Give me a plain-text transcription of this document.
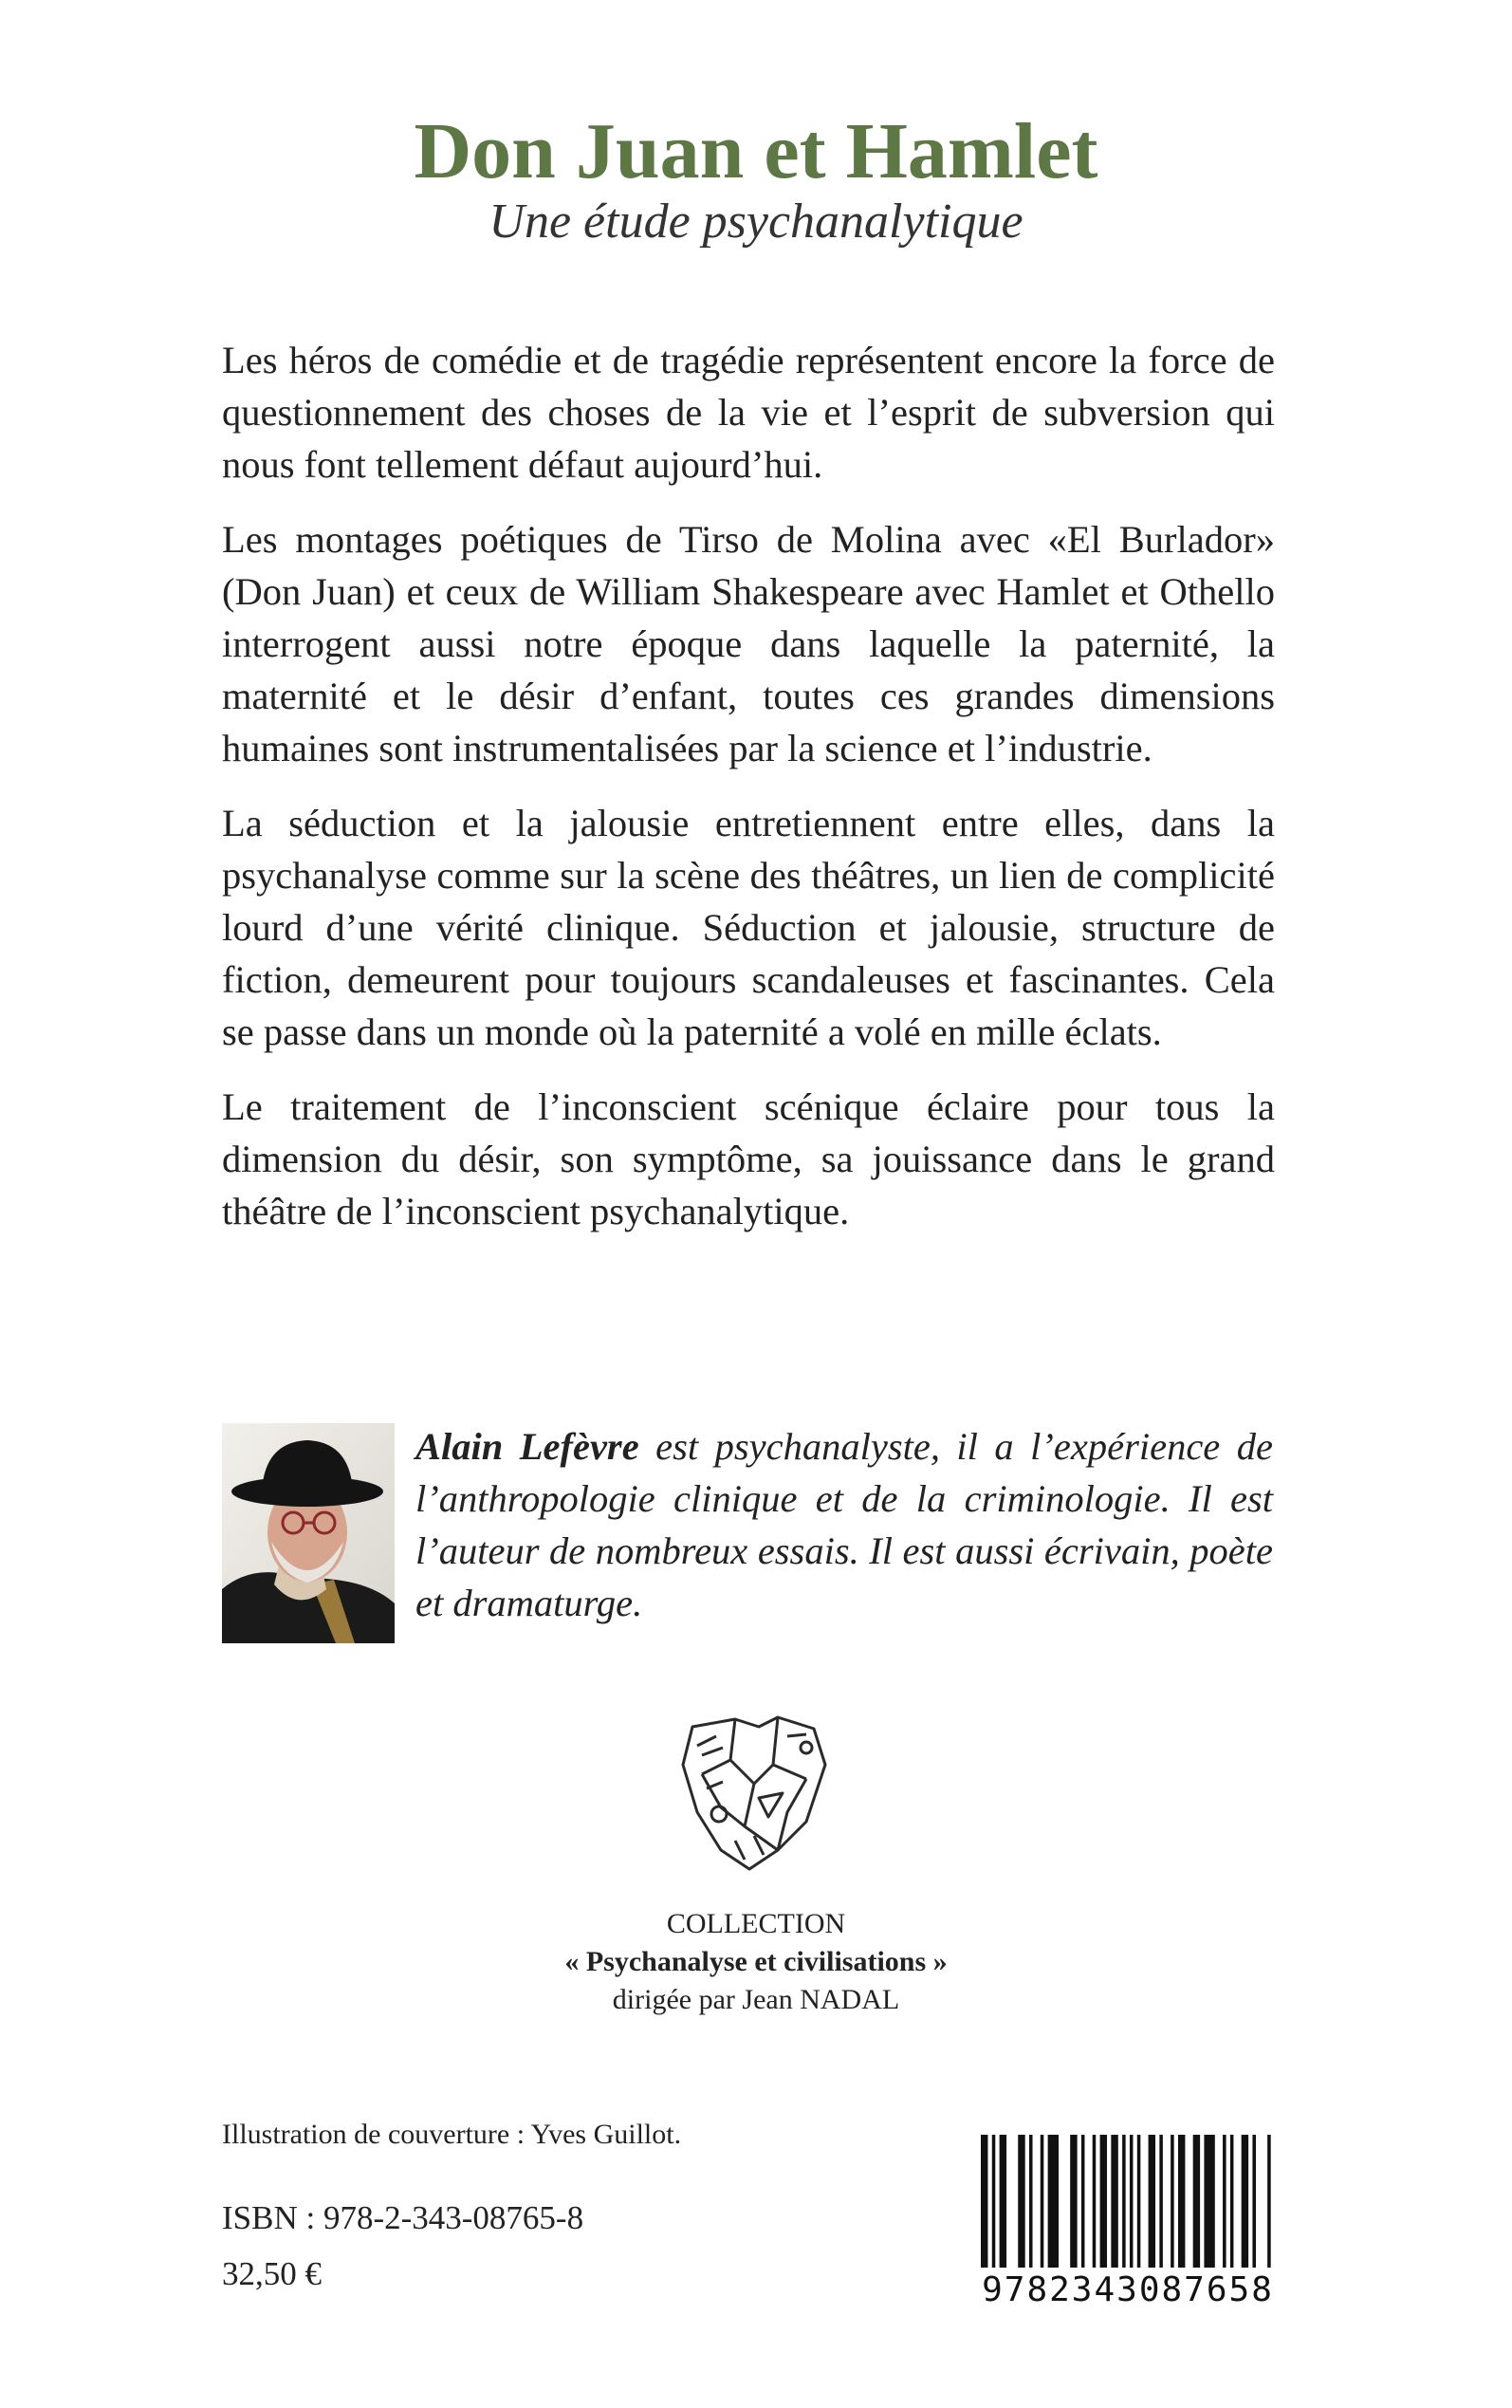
Don Juan et Hamlet
Une étude psychanalytique

Les héros de comédie et de tragédie représentent encore la force de questionnement des choses de la vie et l’esprit de subversion qui nous font tellement défaut aujourd’hui.

Les montages poétiques de Tirso de Molina avec «El Burlador» (Don Juan) et ceux de William Shakespeare avec Hamlet et Othello interrogent aussi notre époque dans laquelle la paternité, la maternité et le désir d’enfant, toutes ces grandes dimensions humaines sont instrumentalisées par la science et l’industrie.

La séduction et la jalousie entretiennent entre elles, dans la psychanalyse comme sur la scène des théâtres, un lien de complicité lourd d’une vérité clinique. Séduction et jalousie, structure de fiction, demeurent pour toujours scandaleuses et fascinantes. Cela se passe dans un monde où la paternité a volé en mille éclats.

Le traitement de l’inconscient scénique éclaire pour tous la dimension du désir, son symptôme, sa jouissance dans le grand théâtre de l’inconscient psychanalytique.

Alain Lefèvre est psychanalyste, il a l’expérience de l’anthropologie clinique et de la criminologie. Il est l’auteur de nombreux essais. Il est aussi écrivain, poète et dramaturge.
COLLECTION
« Psychanalyse et civilisations »
dirigée par Jean NADAL
Illustration de couverture : Yves Guillot.
ISBN : 978-2-343-08765-8
32,50 €	9782343087658
